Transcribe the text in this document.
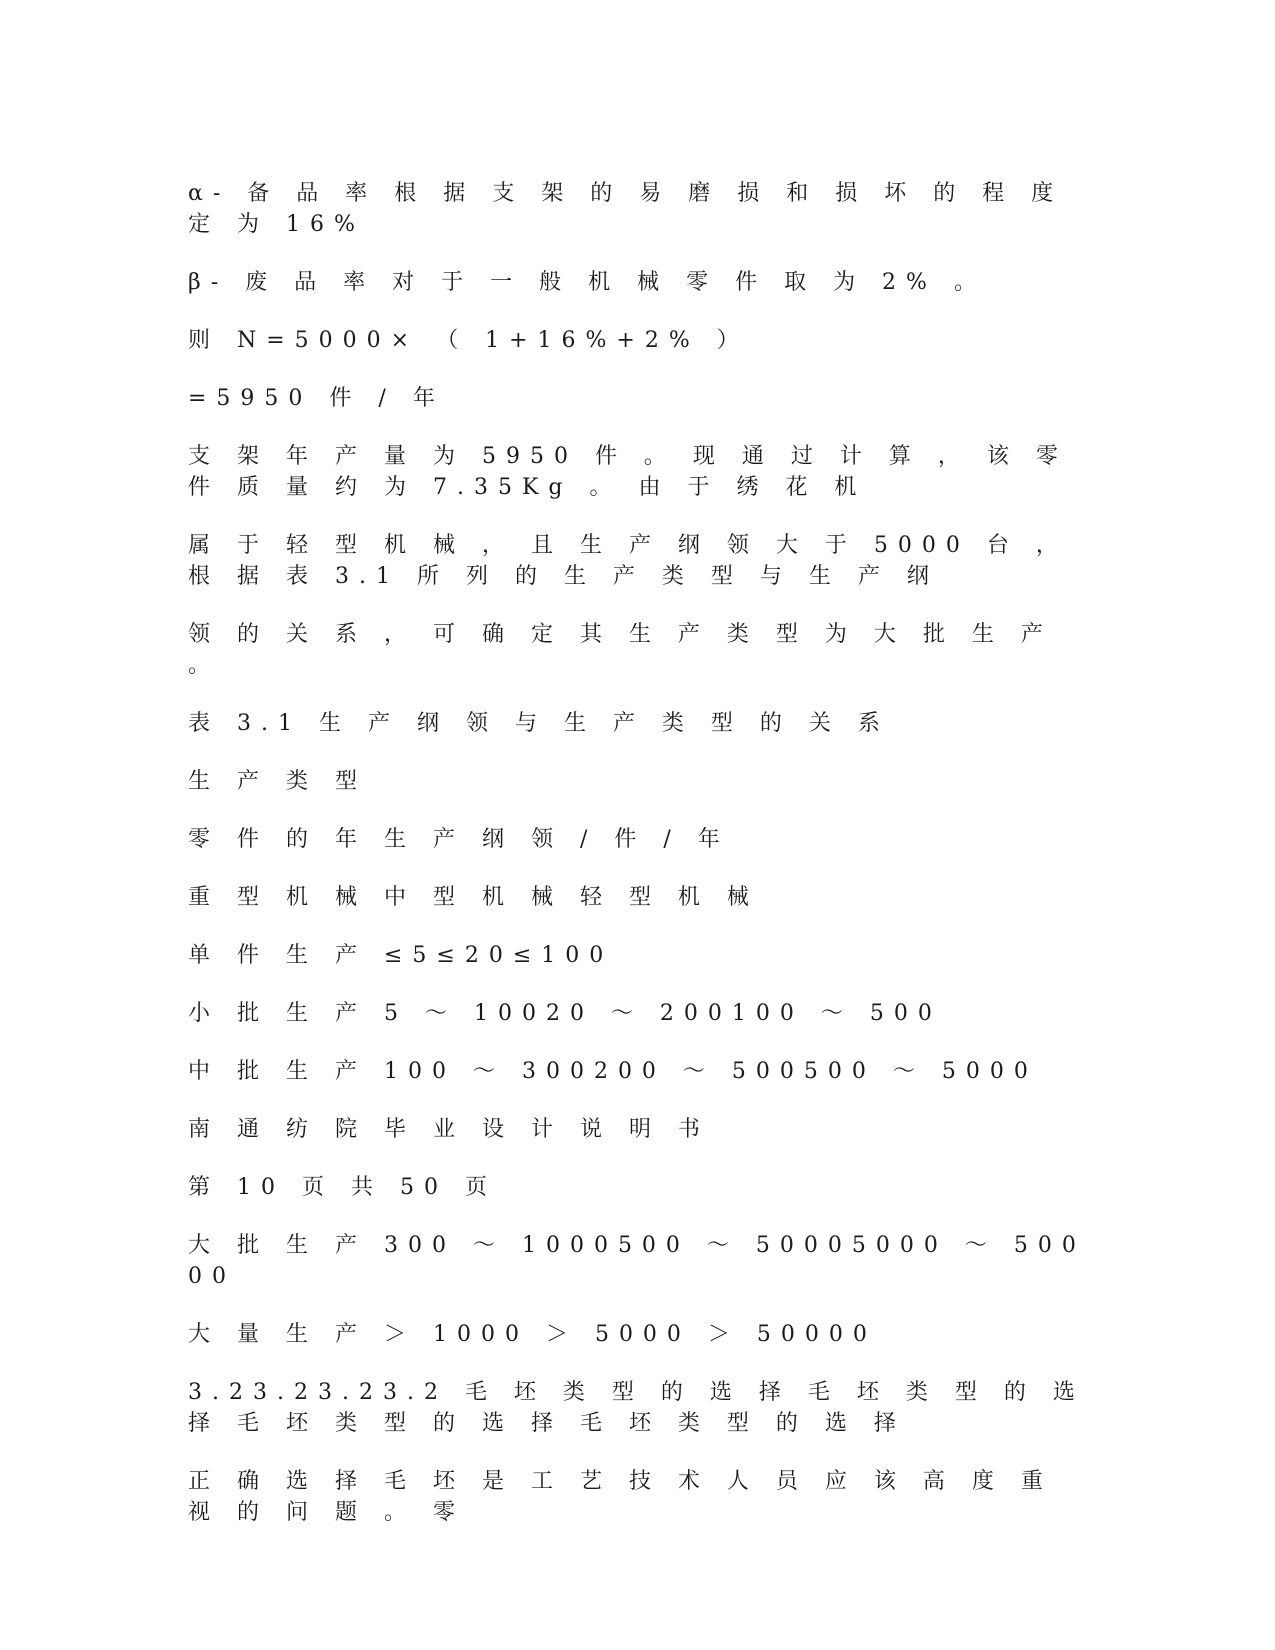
α- 备 品 率 根 据 支 架 的 易 磨 损 和 损 坏 的 程 度 定 为 16%

β- 废 品 率 对 于 一 般 机 械 零 件 取 为 2% 。

则 N=5000× （ 1+16%+2% ）

=5950 件 / 年

支 架 年 产 量 为 5950 件 。 现 通 过 计 算 ， 该 零 件 质 量 约 为 7.35Kg 。 由 于 绣 花 机

属 于 轻 型 机 械 ， 且 生 产 纲 领 大 于 5000 台 ， 根 据 表 3.1 所 列 的 生 产 类 型 与 生 产 纲

领 的 关 系 ， 可 确 定 其 生 产 类 型 为 大 批 生 产 。

表 3.1 生 产 纲 领 与 生 产 类 型 的 关 系

生 产 类 型

零 件 的 年 生 产 纲 领 / 件 / 年

重 型 机 械 中 型 机 械 轻 型 机 械

单 件 生 产 ≤5≤20≤100

小 批 生 产 5 ～ 10020 ～ 200100 ～ 500

中 批 生 产 100 ～ 300200 ～ 500500 ～ 5000

南 通 纺 院 毕 业 设 计 说 明 书

第 10 页 共 50 页

大 批 生 产 300 ～ 1000500 ～ 50005000 ～ 50000

大 量 生 产 ＞ 1000 ＞ 5000 ＞ 50000

3.23.23.23.2 毛 坯 类 型 的 选 择 毛 坯 类 型 的 选 择 毛 坯 类 型 的 选 择 毛 坯 类 型 的 选 择

正 确 选 择 毛 坯 是 工 艺 技 术 人 员 应 该 高 度 重 视 的 问 题 。 零
